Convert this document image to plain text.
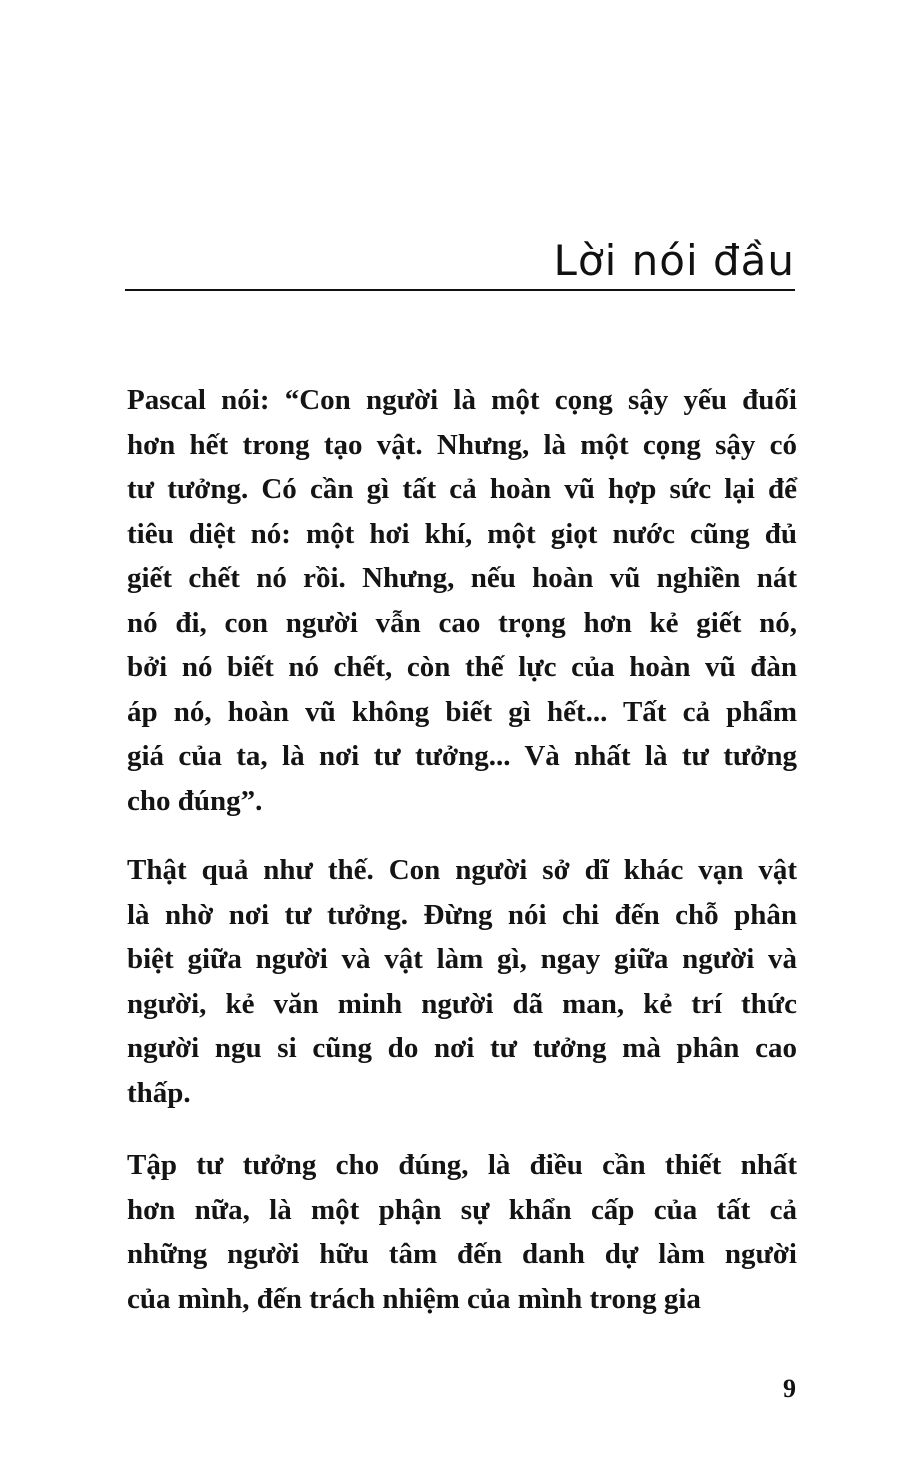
Lời nói đầu
Pascal nói: “Con người là một cọng sậy yếu đuối
hơn hết trong tạo vật. Nhưng, là một cọng sậy có
tư tưởng. Có cần gì tất cả hoàn vũ hợp sức lại để
tiêu diệt nó: một hơi khí, một giọt nước cũng đủ
giết chết nó rồi. Nhưng, nếu hoàn vũ nghiền nát
nó đi, con người vẫn cao trọng hơn kẻ giết nó,
bởi nó biết nó chết, còn thế lực của hoàn vũ đàn
áp nó, hoàn vũ không biết gì hết... Tất cả phẩm
giá của ta, là nơi tư tưởng... Và nhất là tư tưởng
cho đúng”.
Thật quả như thế. Con người sở dĩ khác vạn vật
là nhờ nơi tư tưởng. Đừng nói chi đến chỗ phân
biệt giữa người và vật làm gì, ngay giữa người và
người, kẻ văn minh người dã man, kẻ trí thức
người ngu si cũng do nơi tư tưởng mà phân cao
thấp.
Tập tư tưởng cho đúng, là điều cần thiết nhất
hơn nữa, là một phận sự khẩn cấp của tất cả
những người hữu tâm đến danh dự làm người
của mình, đến trách nhiệm của mình trong gia
9
